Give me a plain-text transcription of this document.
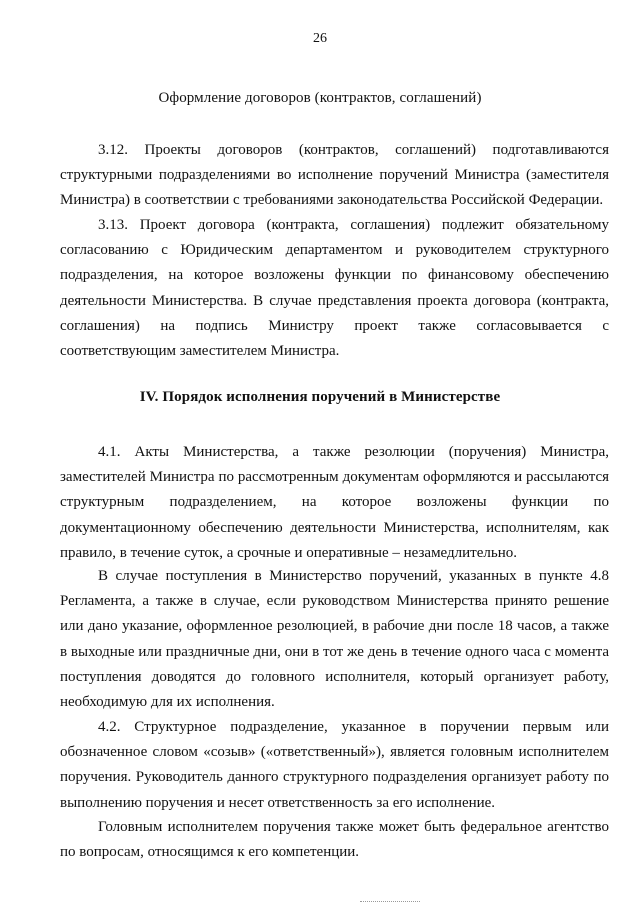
26
Оформление договоров (контрактов, соглашений)

3.12. Проекты договоров (контрактов, соглашений) подготавливаются структурными подразделениями во исполнение поручений Министра (заместителя Министра) в соответствии с требованиями законодательства Российской Федерации.

3.13. Проект договора (контракта, соглашения) подлежит обязательному согласованию с Юридическим департаментом и руководителем структурного подразделения, на которое возложены функции по финансовому обеспечению деятельности Министерства. В случае представления проекта договора (контракта, соглашения) на подпись Министру проект также согласовывается с соответствующим заместителем Министра.

IV. Порядок исполнения поручений в Министерстве

4.1. Акты Министерства, а также резолюции (поручения) Министра, заместителей Министра по рассмотренным документам оформляются и рассылаются структурным подразделением, на которое возложены функции по документационному обеспечению деятельности Министерства, исполнителям, как правило, в течение суток, а срочные и оперативные – незамедлительно.

В случае поступления в Министерство поручений, указанных в пункте 4.8 Регламента, а также в случае, если руководством Министерства принято решение или дано указание, оформленное резолюцией, в рабочие дни после 18 часов, а также в выходные или праздничные дни, они в тот же день в течение одного часа с момента поступления доводятся до головного исполнителя, который организует работу, необходимую для их исполнения.

4.2. Структурное подразделение, указанное в поручении первым или обозначенное словом «созыв» («ответственный»), является головным исполнителем поручения. Руководитель данного структурного подразделения организует работу по выполнению поручения и несет ответственность за его исполнение.

Головным исполнителем поручения также может быть федеральное агентство по вопросам, относящимся к его компетенции.
